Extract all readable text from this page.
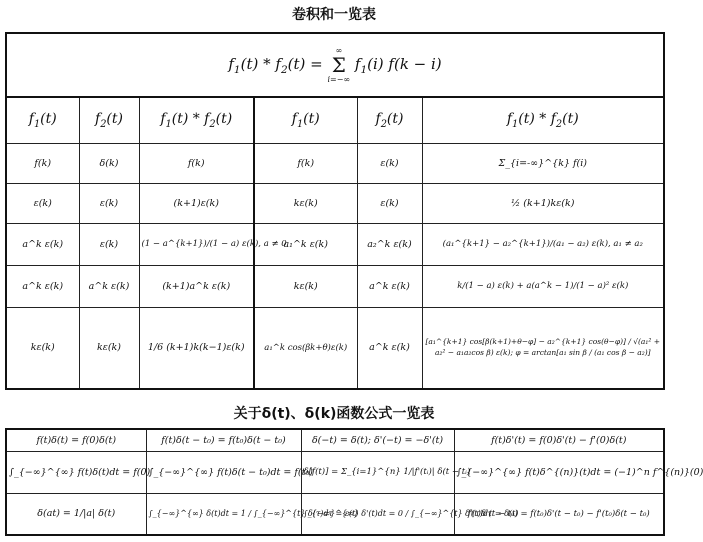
卷积和一览表
$f_1(t) * f_2(t)$ =
∞
Σ
i=−∞
$f_1(i) f(k - i)$					
$f_1(t)$	$f_2(t)$	$f_1(t) * f_2(t)$	$f_1(t)$	$f_2(t)$	$f_1(t) * f_2(t)$
f(k)	δ(k)	f(k)	f(k)	ε(k)	Σ_{i=-∞}^{k} f(i)
ε(k)	ε(k)	(k+1)ε(k)	kε(k)	ε(k)	½ (k+1)kε(k)
a^k ε(k)	ε(k)	(1 − a^{k+1})/(1 − a) ε(k), a ≠ 0	a₁^k ε(k)	a₂^k ε(k)	(a₁^{k+1} − a₂^{k+1})/(a₁ − a₂) ε(k), a₁ ≠ a₂
a^k ε(k)	a^k ε(k)	(k+1)a^k ε(k)	kε(k)	a^k ε(k)	k/(1 − a) ε(k) + a(a^k − 1)/(1 − a)² ε(k)
kε(k)	kε(k)	1/6 (k+1)k(k−1)ε(k)	a₁^k cos(βk+θ)ε(k)	a^k ε(k)	[a₁^{k+1} cos[β(k+1)+θ−φ] − a₂^{k+1} cos(θ−φ)] / √(a₁² + a₂² − a₁a₂cos β) ε(k); φ = arctan[a₁ sin β / (a₁ cos β − a₂)]
关于δ(t)、δ(k)函数公式一览表
f(t)δ(t) = f(0)δ(t)	f(t)δ(t − t₀) = f(t₀)δ(t − t₀)	δ(−t) = δ(t); δ'(−t) = −δ'(t)	f(t)δ'(t) = f(0)δ'(t) − f'(0)δ(t)
∫_{−∞}^{∞} f(t)δ(t)dt = f(0)	∫_{−∞}^{∞} f(t)δ(t − t₀)dt = f(t₀)	δ[f(t)] = Σ_{i=1}^{n} 1/|f'(tᵢ)| δ(t − tᵢ)	∫_{−∞}^{∞} f(t)δ^{(n)}(t)dt = (−1)^n f^{(n)}(0)
δ(at) = 1/|a| δ(t)	∫_{−∞}^{∞} δ(t)dt = 1 / ∫_{−∞}^{t} δ(τ)dτ = ε(t)	∫_{−∞}^{∞} δ'(t)dt = 0 / ∫_{−∞}^{t} δ'(τ)dτ = δ(t)	f(t)δ'(t − t₀) = f(t₀)δ'(t − t₀) − f'(t₀)δ(t − t₀)
